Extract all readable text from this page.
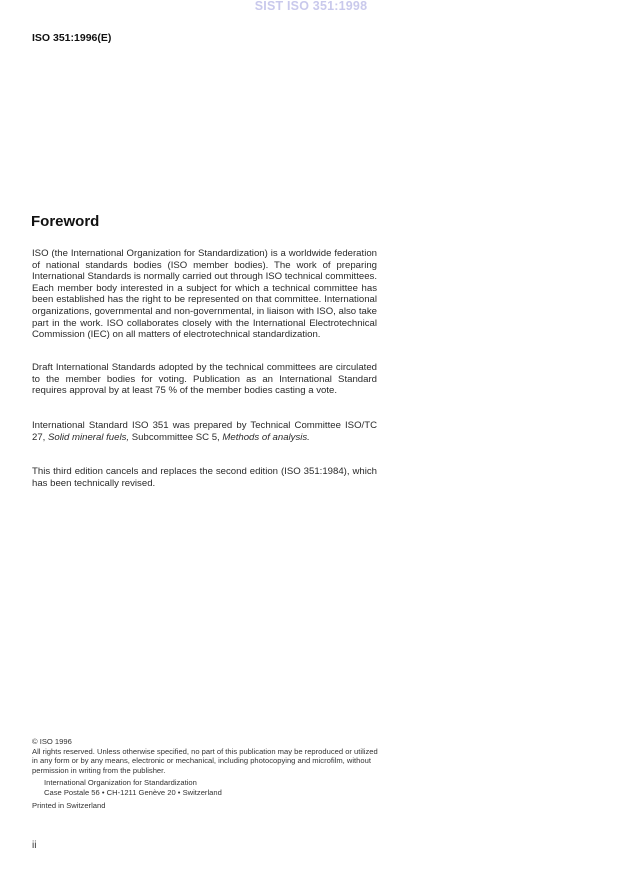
SIST ISO 351:1998
ISO 351:1996(E)
Foreword

ISO (the International Organization for Standardization) is a worldwide federation of national standards bodies (ISO member bodies). The work of preparing International Standards is normally carried out through ISO technical committees. Each member body interested in a subject for which a technical committee has been established has the right to be represented on that committee. International organizations, governmental and non-governmental, in liaison with ISO, also take part in the work. ISO collaborates closely with the International Electrotechnical Commission (IEC) on all matters of electrotechnical standardization.

Draft International Standards adopted by the technical committees are circulated to the member bodies for voting. Publication as an International Standard requires approval by at least 75 % of the member bodies casting a vote.

International Standard ISO 351 was prepared by Technical Committee ISO/TC 27, Solid mineral fuels, Subcommittee SC 5, Methods of analysis.

This third edition cancels and replaces the second edition (ISO 351:1984), which has been technically revised.

© ISO 1996
All rights reserved. Unless otherwise specified, no part of this publication may be reproduced or utilized in any form or by any means, electronic or mechanical, including photocopying and microfilm, without permission in writing from the publisher.
International Organization for Standardization
Case Postale 56 • CH-1211 Genève 20 • Switzerland
Printed in Switzerland
ii
